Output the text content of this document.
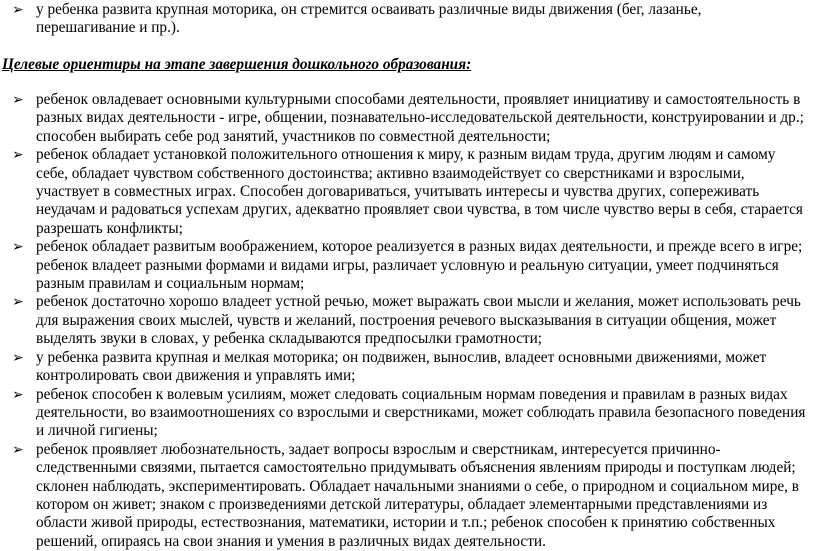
➢ у ребенка развита крупная моторика, он стремится осваивать различные виды движения (бег, лазанье, перешагивание и пр.).
Целевые ориентиры на этапе завершения дошкольного образования:
➢ ребенок овладевает основными культурными способами деятельности, проявляет инициативу и самостоятельность в разных видах деятельности - игре, общении, познавательно-исследовательской деятельности, конструировании и др.; способен выбирать себе род занятий, участников по совместной деятельности;
➢ ребенок обладает установкой положительного отношения к миру, к разным видам труда, другим людям и самому себе, обладает чувством собственного достоинства; активно взаимодействует со сверстниками и взрослыми, участвует в совместных играх. Способен договариваться, учитывать интересы и чувства других, сопереживать неудачам и радоваться успехам других, адекватно проявляет свои чувства, в том числе чувство веры в себя, старается разрешать конфликты;
➢ ребенок обладает развитым воображением, которое реализуется в разных видах деятельности, и прежде всего в игре; ребенок владеет разными формами и видами игры, различает условную и реальную ситуации, умеет подчиняться разным правилам и социальным нормам;
➢ ребенок достаточно хорошо владеет устной речью, может выражать свои мысли и желания, может использовать речь для выражения своих мыслей, чувств и желаний, построения речевого высказывания в ситуации общения, может выделять звуки в словах, у ребенка складываются предпосылки грамотности;
➢ у ребенка развита крупная и мелкая моторика; он подвижен, вынослив, владеет основными движениями, может контролировать свои движения и управлять ими;
➢ ребенок способен к волевым усилиям, может следовать социальным нормам поведения и правилам в разных видах деятельности, во взаимоотношениях со взрослыми и сверстниками, может соблюдать правила безопасного поведения и личной гигиены;
➢ ребенок проявляет любознательность, задает вопросы взрослым и сверстникам, интересуется причинно-следственными связями, пытается самостоятельно придумывать объяснения явлениям природы и поступкам людей; склонен наблюдать, экспериментировать. Обладает начальными знаниями о себе, о природном и социальном мире, в котором он живет; знаком с произведениями детской литературы, обладает элементарными представлениями из области живой природы, естествознания, математики, истории и т.п.; ребенок способен к принятию собственных решений, опираясь на свои знания и умения в различных видах деятельности.
